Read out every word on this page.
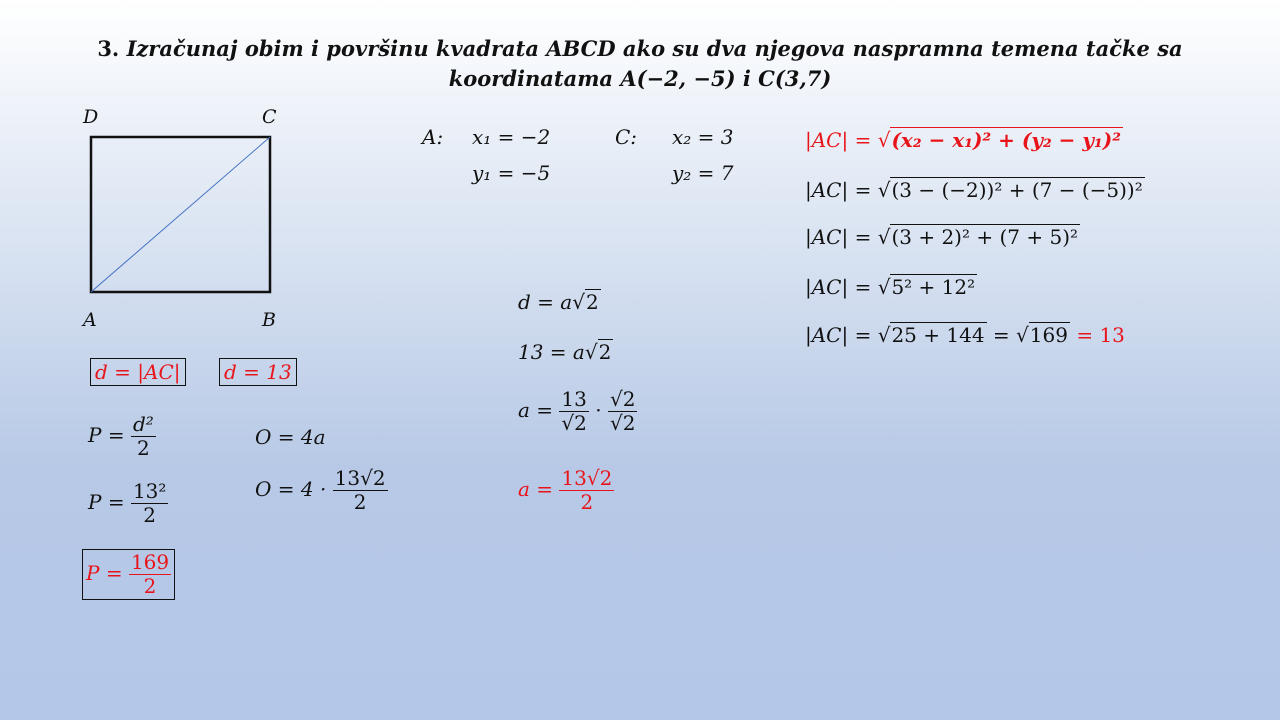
3. Izračunaj obim i površinu kvadrata ABCD ako su dva njegova naspramna temena tačke sa
koordinatama A(−2, −5) i C(3,7)
D	C
A	B
A: x₁ = −2
y₁ = −5
C: x₂ = 3
y₂ = 7
|AC| = √(x₂ − x₁)² + (y₂ − y₁)²
|AC| = √(3 − (−2))² + (7 − (−5))²
|AC| = √(3 + 2)² + (7 + 5)²
|AC| = √5² + 12²
|AC| = √25 + 144 = √169 = 13
d = |AC| d = 13
$P = \frac{\text{d²}}{2}$
$P = \frac{\text{13²}}{2}$
$P = \frac{169}{2}$
O = 4a
$O = 4 \cdot \frac{13√2}{2}$
d = a√2
13 = a√2
$a = \frac{13}{√2} \cdot \frac{√2}{√2}$
$a = \frac{13√2}{2}$
